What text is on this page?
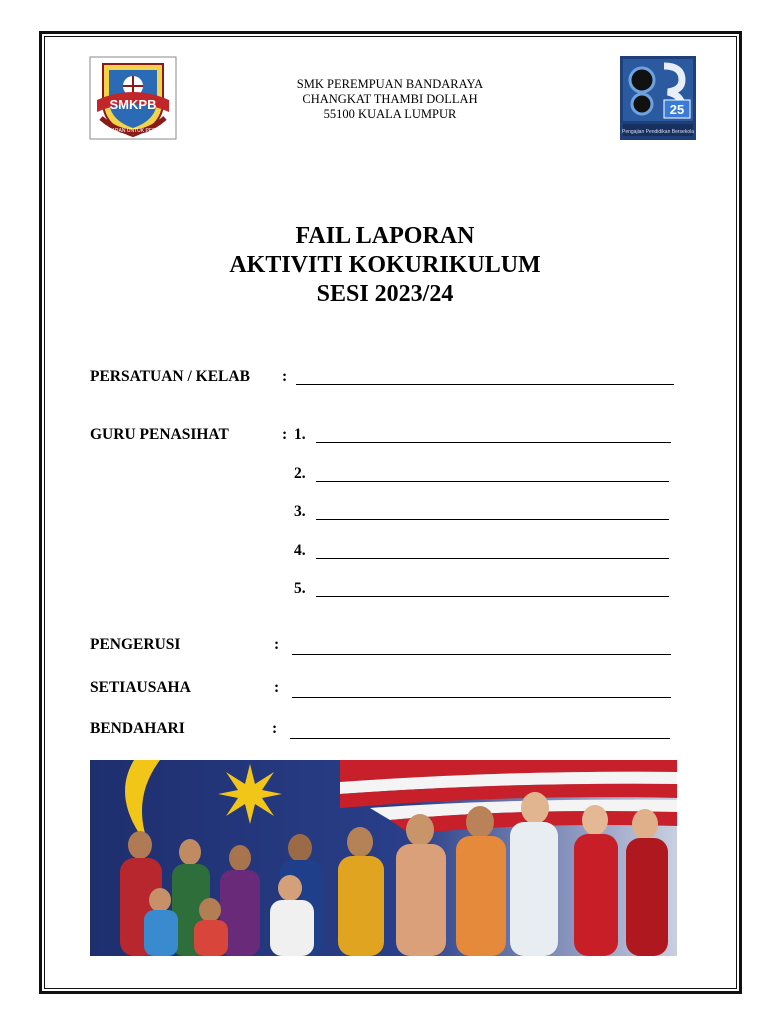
SMKPB
PELAJARAN UNTUK PERANAN
SMK PEREMPUAN BANDARAYA
CHANGKAT THAMBI DOLLAH
55100 KUALA LUMPUR	25
Pengajian Pendidikan Bersekola
FAIL LAPORAN
AKTIVITI KOKURIKULUM
SESI 2023/24
PERSATUAN / KELAB :
GURU PENASIHAT	: 1.
2.
3.
4.
5.
PENGERUSI	:
SETIAUSAHA	:
BENDAHARI	:
